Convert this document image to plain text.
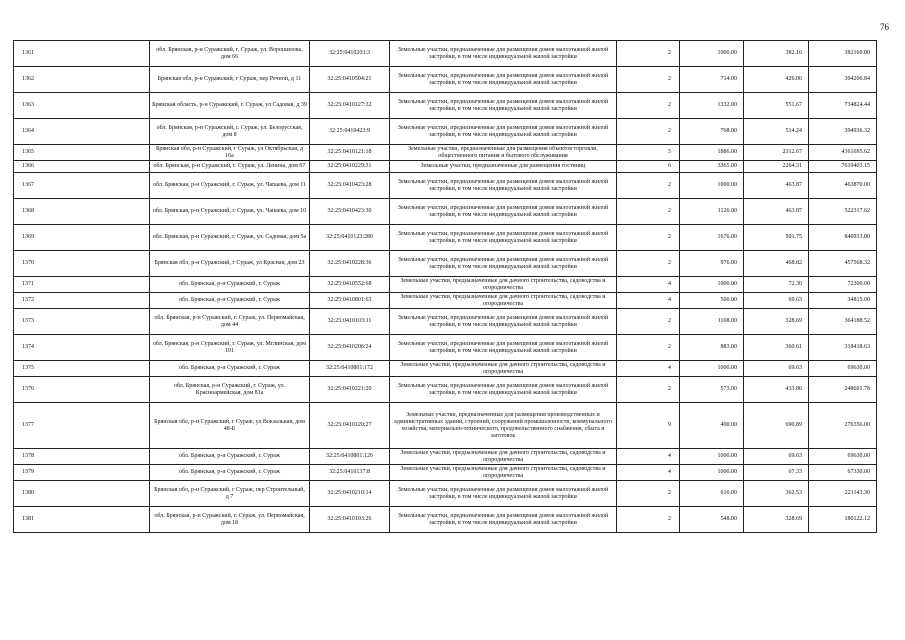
76
1361	обл. Брянская, р-н Суражский, г. Сураж, ул. Ворошилова, дом 66	32:25:0410203:3	Земельные участки, предназначенные для размещения домов малоэтажной жилой застройки, в том числе индивидуальной жилой застройки	2	1000.00	382.16	382160.00
1362	Брянская обл, р-н Суражский, г Сураж, пер Речной, д 11	32:25:0410504:21	Земельные участки, предназначенные для размещения домов малоэтажной жилой застройки, в том числе индивидуальной жилой застройки	2	714.00	426.06	304206.84
1363	Брянская область, р-н Суражский, г. Сураж, ул Садовая, д 39	32:25:0410127:32	Земельные участки, предназначенные для размещения домов малоэтажной жилой застройки, в том числе индивидуальной жилой застройки	2	1332.00	551.67	734824.44
1364	обл. Брянская, р-н Суражский, г. Сураж, ул. Белорусская, дом 8	32:25:0410423:9	Земельные участки, предназначенные для размещения домов малоэтажной жилой застройки, в том числе индивидуальной жилой застройки	2	768.00	514.24	394936.32
1365	Брянская обл, р-н Суражский, г Сураж, ул Октябрьская, д 16а	32:25:0410121:18	Земельные участки, предназначенные для размещения объектов торговли, общественного питания и бытового обслуживания	5	1886.00	2312.67	4361695.62
1366	обл. Брянская, р-н Суражский, г. Сураж, ул. Ленина, дом 67	32:25:0410229:31	Земельные участки, предназначенные для размещения гостиниц	6	3365.00	2264.31	7619403.15
1367	обл. Брянская, р-н Суражский, г. Сураж, ул. Чапаева, дом 11	32:25:0410423:28	Земельные участки, предназначенные для размещения домов малоэтажной жилой застройки, в том числе индивидуальной жилой застройки	2	1000.00	463.87	463870.00
1368	обл. Брянская, р-н Суражский, г. Сураж, ул. Чапаева, дом 10	32:25:0410423:30	Земельные участки, предназначенные для размещения домов малоэтажной жилой застройки, в том числе индивидуальной жилой застройки	2	1126.00	463.87	522317.62
1369	обл. Брянская, р-н Суражский, г. Сураж, ул. Садовая, дом 5а	32:25:0410123:280	Земельные участки, предназначенные для размещения домов малоэтажной жилой застройки, в том числе индивидуальной жилой застройки	2	1676.00	501.75	840933.00
1370	Брянская обл, р-н Суражский, г Сураж, ул Красная, дом 23	32:25:0410228:36	Земельные участки, предназначенные для размещения домов малоэтажной жилой застройки, в том числе индивидуальной жилой застройки	2	976.00	468.82	457568.32
1371	обл. Брянская, р-н Суражский, г. Сураж	32:25:0410552:68	Земельные участки, предназначенные для дачного строительства, садоводства и огородничества	4	1000.00	72.30	72300.00
1372	обл. Брянская, р-н Суражский, г. Сураж	32:25:0410801:63	Земельные участки, предназначенные для дачного строительства, садоводства и огородничества	4	500.00	69.63	34815.00
1373	обл. Брянская, р-н Суражский, г. Сураж, ул. Первомайская, дом 44	32:25:0410103:11	Земельные участки, предназначенные для размещения домов малоэтажной жилой застройки, в том числе индивидуальной жилой застройки	2	1108.00	328.69	364188.52
1374	обл. Брянская, р-н Суражский, г. Сураж, ул. Мглинская, дом 101	32:25:0410206:24	Земельные участки, предназначенные для размещения домов малоэтажной жилой застройки, в том числе индивидуальной жилой застройки	2	883.00	360.61	318418.63
1375	обл. Брянская, р-н Суражский, г. Сураж	32:25:0410801:172	Земельные участки, предназначенные для дачного строительства, садоводства и огородничества	4	1000.00	69.63	69630.00
1376	обл. Брянская, р-н Суражский, г. Сураж, ул. Красноармейская, дом 81а	32:25:0410221:20	Земельные участки, предназначенные для размещения домов малоэтажной жилой застройки, в том числе индивидуальной жилой застройки	2	573.00	433.86	248601.78
1377	Брянская обл, р-н Суражский, г Сураж, ул Вокзальная, дом 48-Б	32:25:0410120:27	Земельные участки, предназначенные для размещения производственных и административных зданий, строений, сооружений промышленности, коммунального хозяйства, материально-технического, продовольственного снабжения, сбыта и заготовок	9	400.00	690.89	276356.00
1378	обл. Брянская, р-н Суражский, г. Сураж	32:25:0410801:126	Земельные участки, предназначенные для дачного строительства, садоводства и огородничества	4	1000.00	69.63	69630.00
1379	обл. Брянская, р-н Суражский, г. Сураж	32:25:0410137:8	Земельные участки, предназначенные для дачного строительства, садоводства и огородничества	4	1000.00	67.33	67330.00
1380	Брянская обл, р-н Суражский, г Сураж, пер Строительный, д 7	32:25:0410210:14	Земельные участки, предназначенные для размещения домов малоэтажной жилой застройки, в том числе индивидуальной жилой застройки	2	610.00	362.53	221143.30
1381	обл. Брянская, р-н Суражский, г. Сураж, ул. Первомайская, дом 18	32:25:0410103:26	Земельные участки, предназначенные для размещения домов малоэтажной жилой застройки, в том числе индивидуальной жилой застройки	2	548.00	328.69	180122.12
